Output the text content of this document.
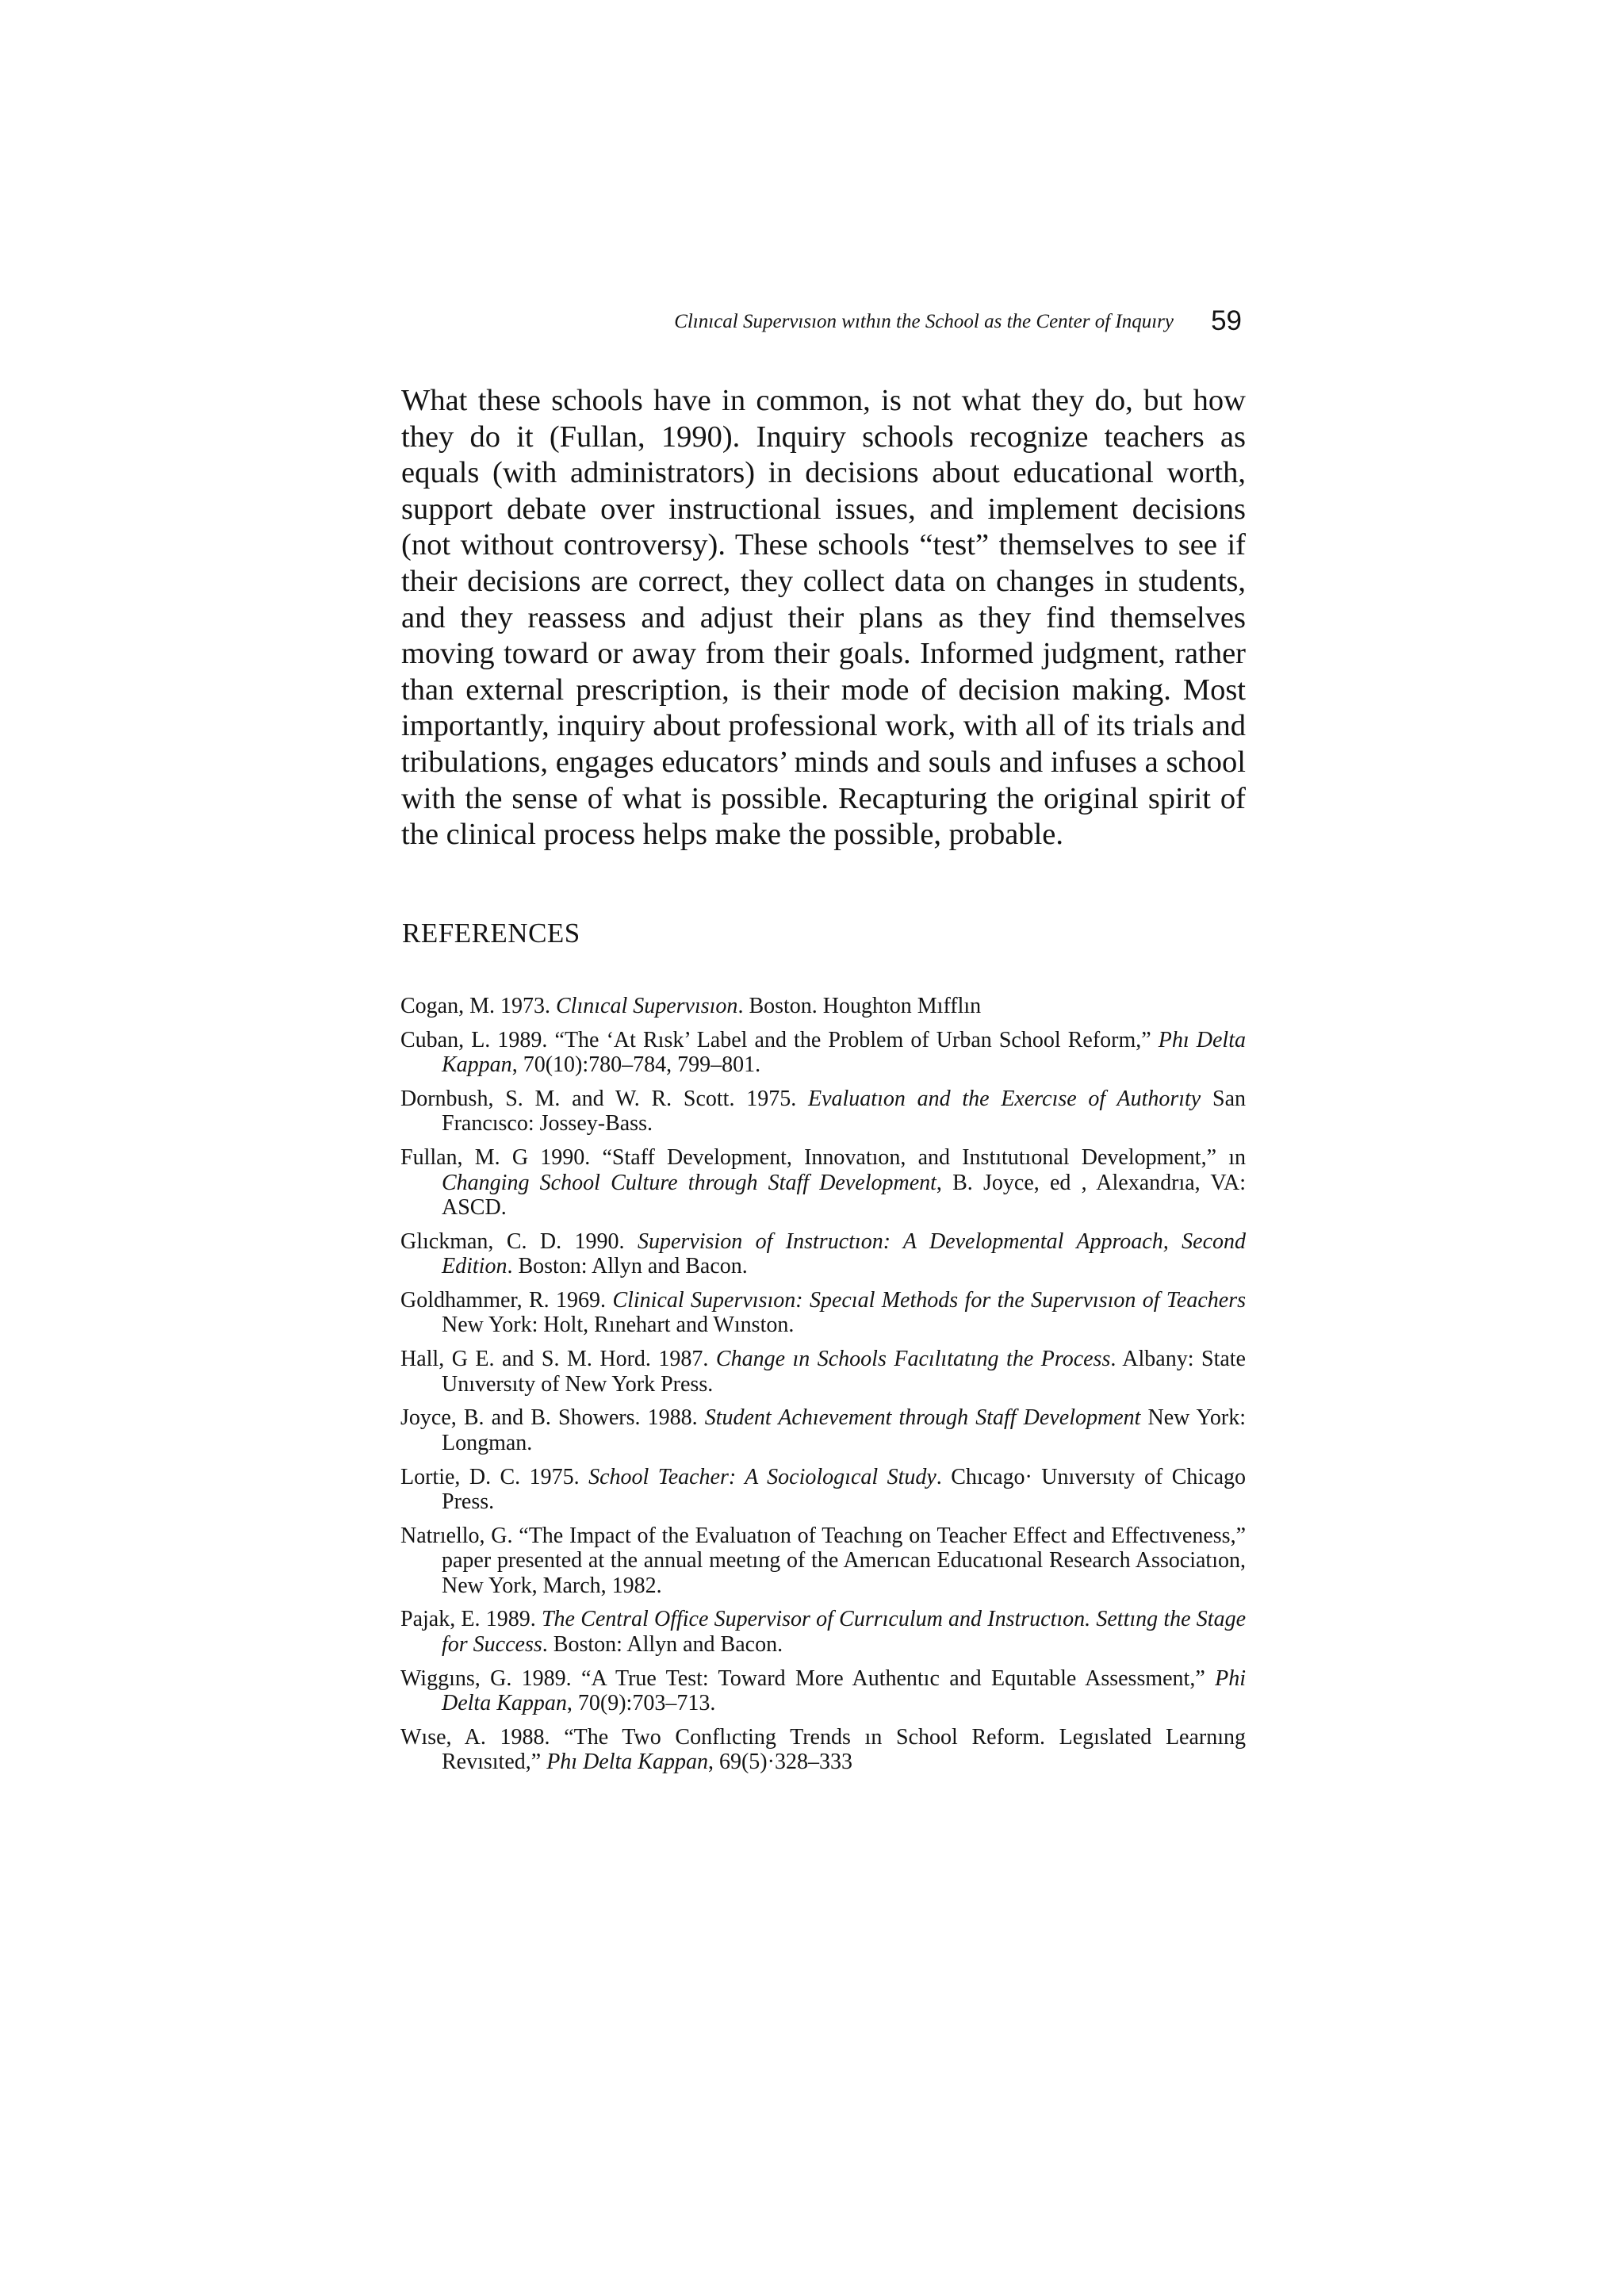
Clınıcal Supervısıon wıthın the School as the Center of Inquıry 59

What these schools have in common, is not what they do, but how they do it (Fullan, 1990). Inquiry schools recognize teachers as equals (with administrators) in decisions about educational worth, support debate over instructional issues, and implement decisions (not without controversy). These schools “test” themselves to see if their decisions are correct, they collect data on changes in students, and they reassess and adjust their plans as they find themselves moving toward or away from their goals. Informed judgment, rather than external prescription, is their mode of decision making. Most importantly, inquiry about professional work, with all of its trials and tribulations, engages educators’ minds and souls and infuses a school with the sense of what is possible. Recapturing the original spirit of the clinical process helps make the possible, probable.

REFERENCES
Cogan, M. 1973. Clınıcal Supervısıon. Boston. Houghton Mıfflın
Cuban, L. 1989. “The ‘At Rısk’ Label and the Problem of Urban School Reform,” Phı Delta Kappan, 70(10):780–784, 799–801.
Dornbush, S. M. and W. R. Scott. 1975. Evaluatıon and the Exercıse of Authorıty San Francısco: Jossey-Bass.
Fullan, M. G 1990. “Staff Development, Innovatıon, and Instıtutıonal Development,” ın Changing School Culture through Staff Development, B. Joyce, ed , Alexandrıa, VA: ASCD.
Glıckman, C. D. 1990. Supervision of Instructıon: A Developmental Approach, Second Edition. Boston: Allyn and Bacon.
Goldhammer, R. 1969. Clinical Supervısıon: Specıal Methods for the Supervısıon of Teachers New York: Holt, Rınehart and Wınston.
Hall, G E. and S. M. Hord. 1987. Change ın Schools Facılıtatıng the Process. Albany: State Unıversıty of New York Press.
Joyce, B. and B. Showers. 1988. Student Achıevement through Staff Development New York: Longman.
Lortie, D. C. 1975. School Teacher: A Sociologıcal Study. Chıcago· Unıversıty of Chicago Press.
Natrıello, G. “The Impact of the Evaluatıon of Teachıng on Teacher Effect and Effectıveness,” paper presented at the annual meetıng of the Amerıcan Educatıonal Research Associatıon, New York, March, 1982.
Pajak, E. 1989. The Central Office Supervisor of Currıculum and Instructıon. Settıng the Stage for Success. Boston: Allyn and Bacon.
Wiggıns, G. 1989. “A True Test: Toward More Authentıc and Equıtable Assessment,” Phi Delta Kappan, 70(9):703–713.
Wıse, A. 1988. “The Two Conflıcting Trends ın School Reform. Legıslated Learnıng Revısıted,” Phı Delta Kappan, 69(5)·328–333
